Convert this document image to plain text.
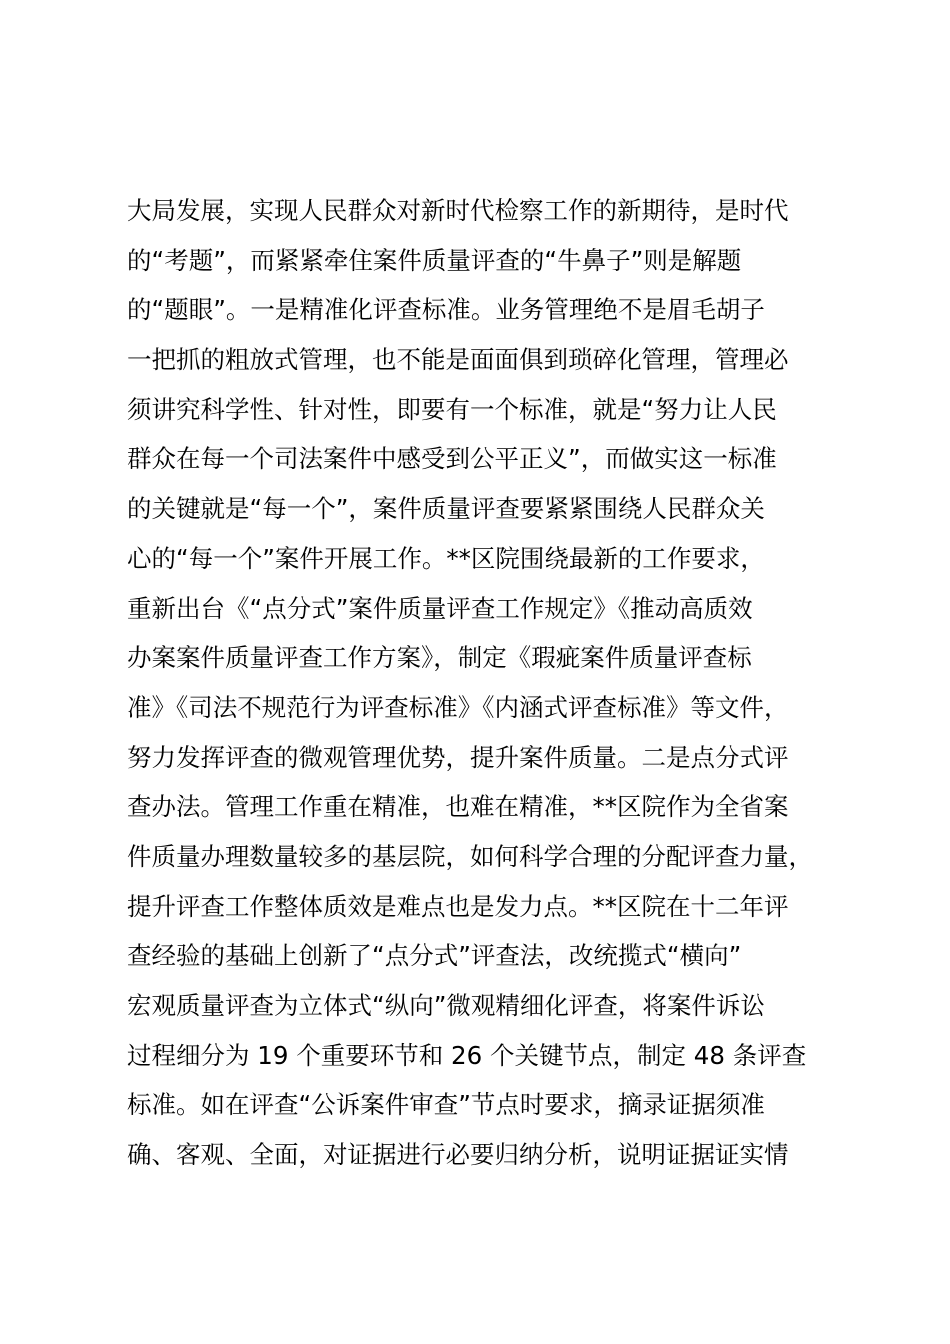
大局发展，实现人民群众对新时代检察工作的新期待，是时代
的“考题”，而紧紧牵住案件质量评查的“牛鼻子”则是解题
的“题眼”。一是精准化评查标准。业务管理绝不是眉毛胡子
一把抓的粗放式管理，也不能是面面俱到琐碎化管理，管理必
须讲究科学性、针对性，即要有一个标准，就是“努力让人民
群众在每一个司法案件中感受到公平正义”，而做实这一标准
的关键就是“每一个”，案件质量评查要紧紧围绕人民群众关
心的“每一个”案件开展工作。**区院围绕最新的工作要求，
重新出台《“点分式”案件质量评查工作规定》《推动高质效
办案案件质量评查工作方案》，制定《瑕疵案件质量评查标
准》《司法不规范行为评查标准》《内涵式评查标准》等文件，
努力发挥评查的微观管理优势，提升案件质量。二是点分式评
查办法。管理工作重在精准，也难在精准，**区院作为全省案
件质量办理数量较多的基层院，如何科学合理的分配评查力量，
提升评查工作整体质效是难点也是发力点。**区院在十二年评
查经验的基础上创新了“点分式”评查法，改统揽式“横向”
宏观质量评查为立体式“纵向”微观精细化评查，将案件诉讼
过程细分为 19 个重要环节和 26 个关键节点，制定 48 条评查
标准。如在评查“公诉案件审查”节点时要求，摘录证据须准
确、客观、全面，对证据进行必要归纳分析，说明证据证实情
